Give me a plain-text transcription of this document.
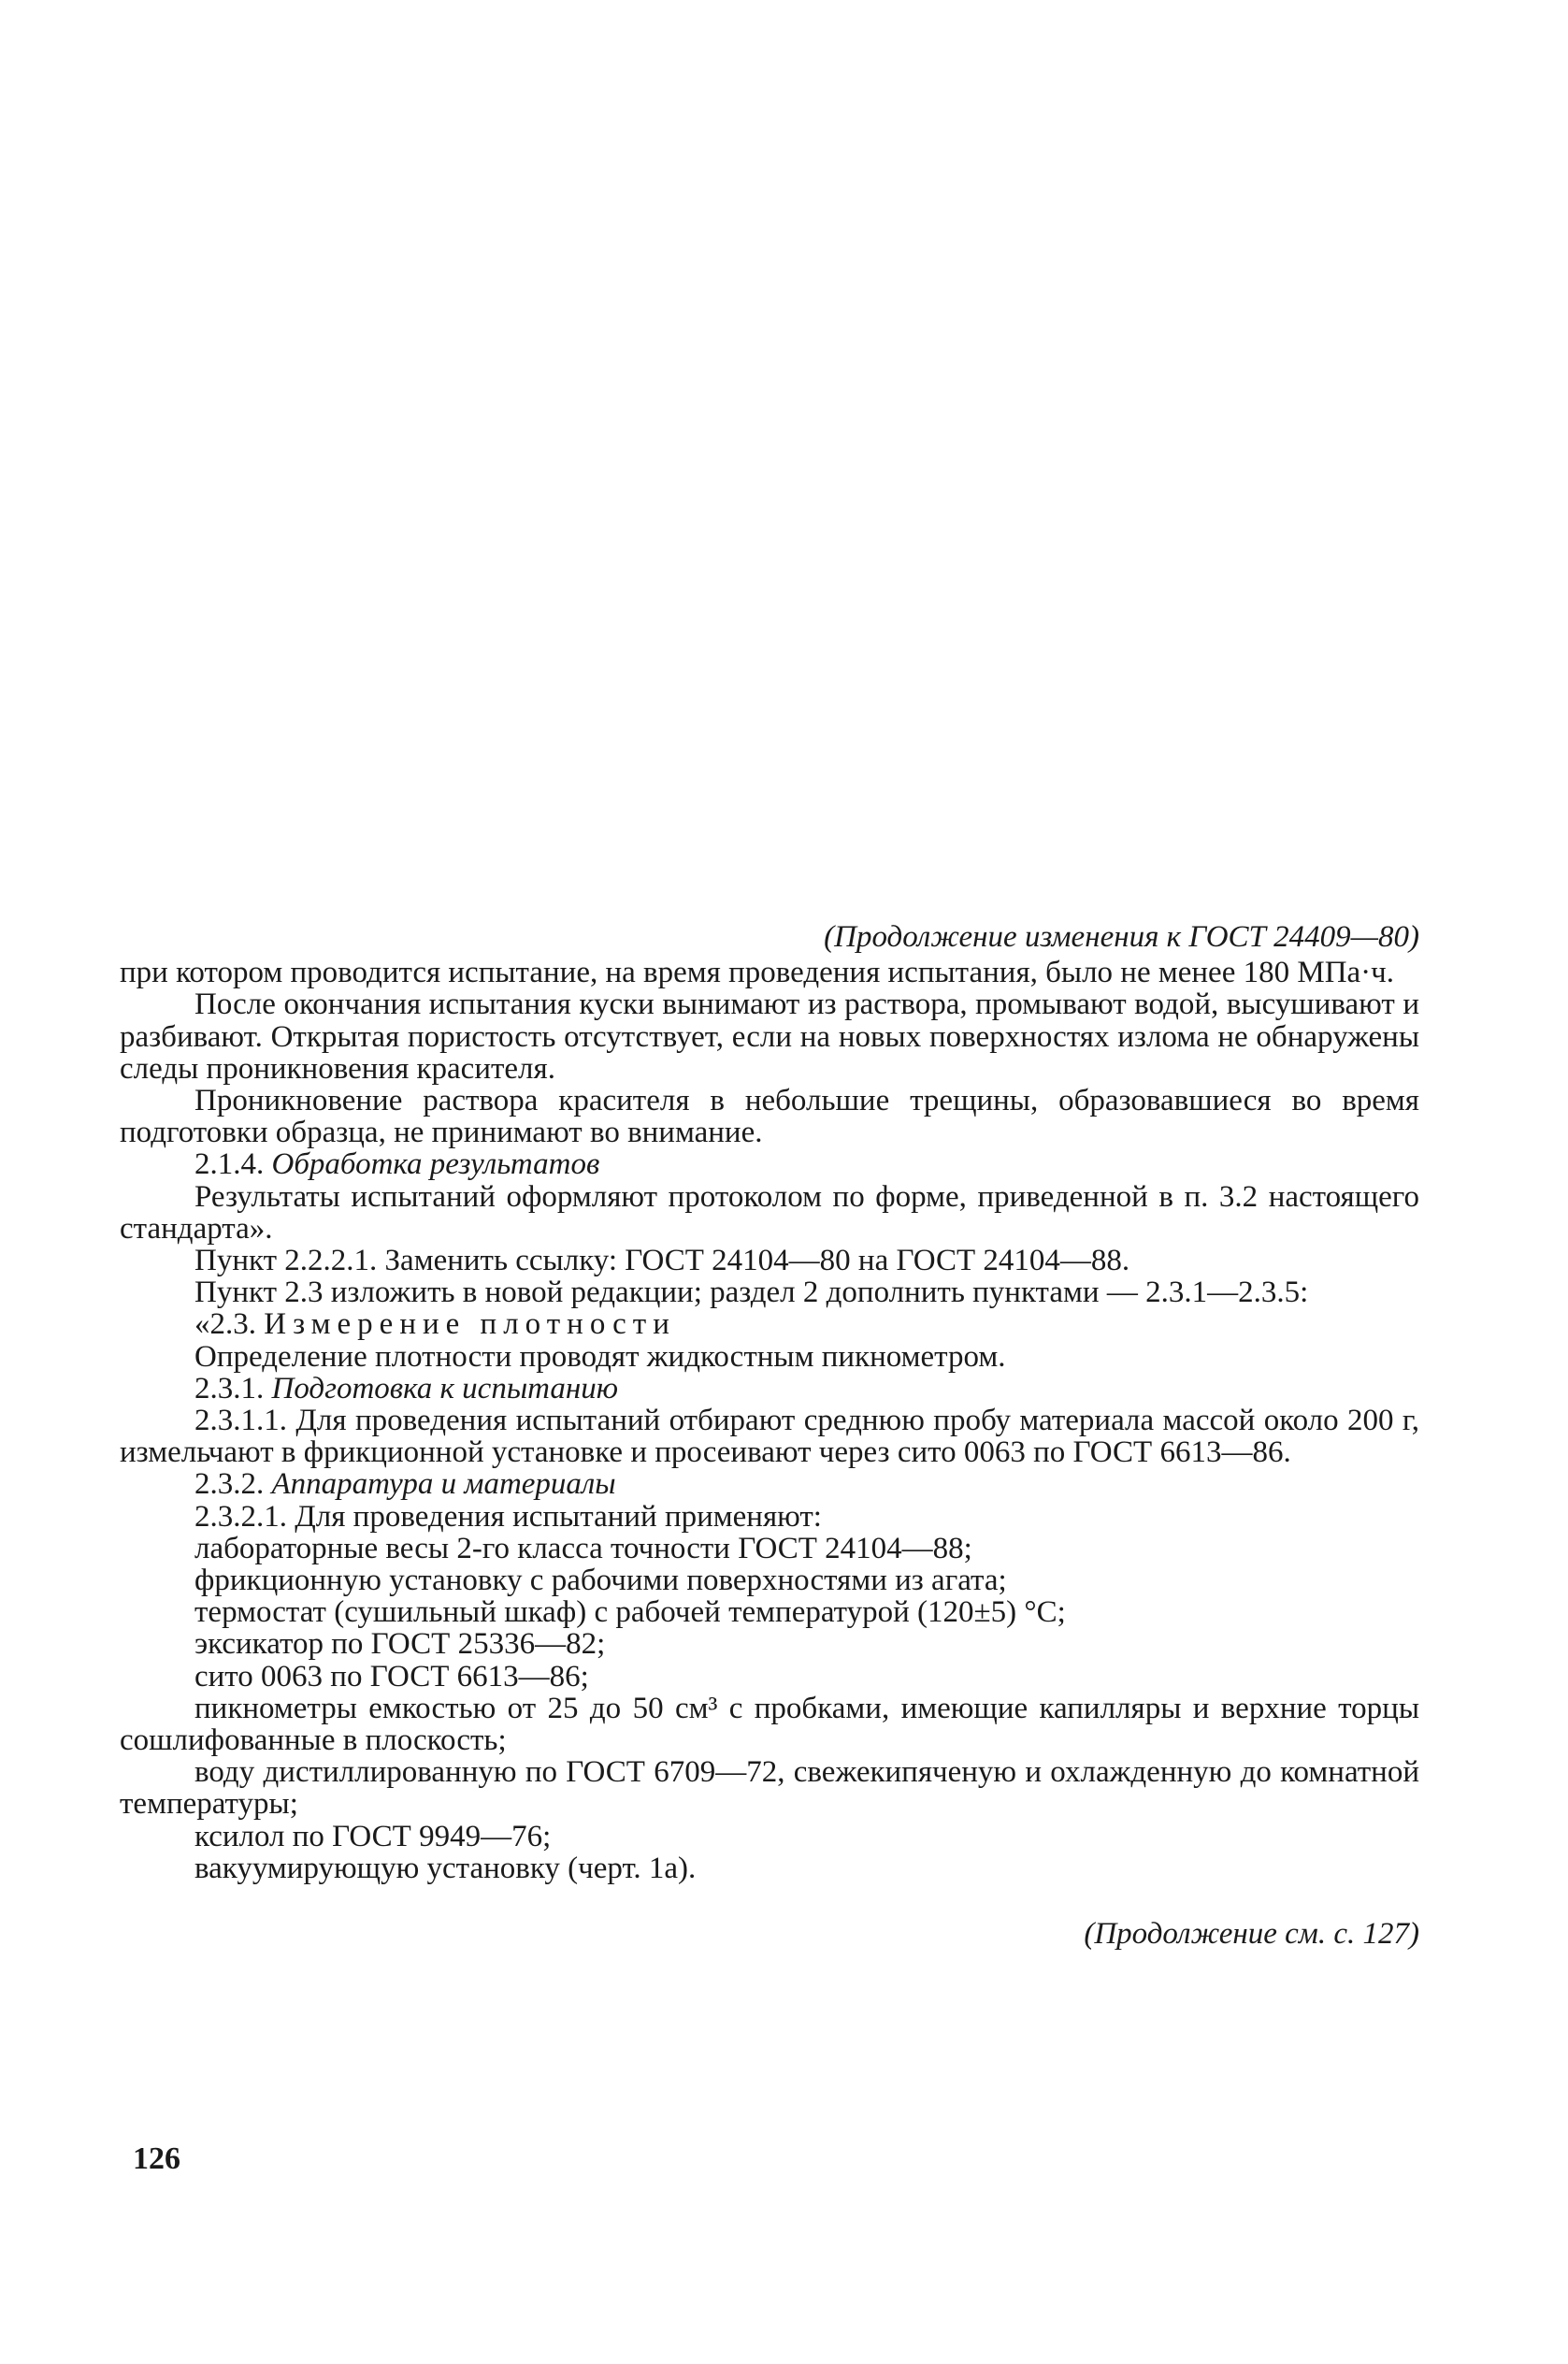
(Продолжение изменения к ГОСТ 24409—80)

при котором проводится испытание, на время проведения испытания, было не менее 180 МПа·ч.

После окончания испытания куски вынимают из раствора, промывают водой, высушивают и разбивают. Открытая пористость отсутствует, если на новых поверхностях излома не обнаружены следы проникновения красителя.

Проникновение раствора красителя в небольшие трещины, образовавшиеся во время подготовки образца, не принимают во внимание.

2.1.4. Обработка результатов

Результаты испытаний оформляют протоколом по форме, приведенной в п. 3.2 настоящего стандарта».

Пункт 2.2.2.1. Заменить ссылку: ГОСТ 24104—80 на ГОСТ 24104—88.

Пункт 2.3 изложить в новой редакции; раздел 2 дополнить пунктами — 2.3.1—2.3.5:

«2.3. Измерение плотности

Определение плотности проводят жидкостным пикнометром.

2.3.1. Подготовка к испытанию

2.3.1.1. Для проведения испытаний отбирают среднюю пробу материала массой около 200 г, измельчают в фрикционной установке и просеивают через сито 0063 по ГОСТ 6613—86.

2.3.2. Аппаратура и материалы

2.3.2.1. Для проведения испытаний применяют:

лабораторные весы 2-го класса точности ГОСТ 24104—88;

фрикционную установку с рабочими поверхностями из агата;

термостат (сушильный шкаф) с рабочей температурой (120±5) °С;

эксикатор по ГОСТ 25336—82;

сито 0063 по ГОСТ 6613—86;

пикнометры емкостью от 25 до 50 см³ с пробками, имеющие капилляры и верхние торцы сошлифованные в плоскость;

воду дистиллированную по ГОСТ 6709—72, свежекипяченую и охлажденную до комнатной температуры;

ксилол по ГОСТ 9949—76;

вакуумирующую установку (черт. 1а).

(Продолжение см. с. 127)
126
